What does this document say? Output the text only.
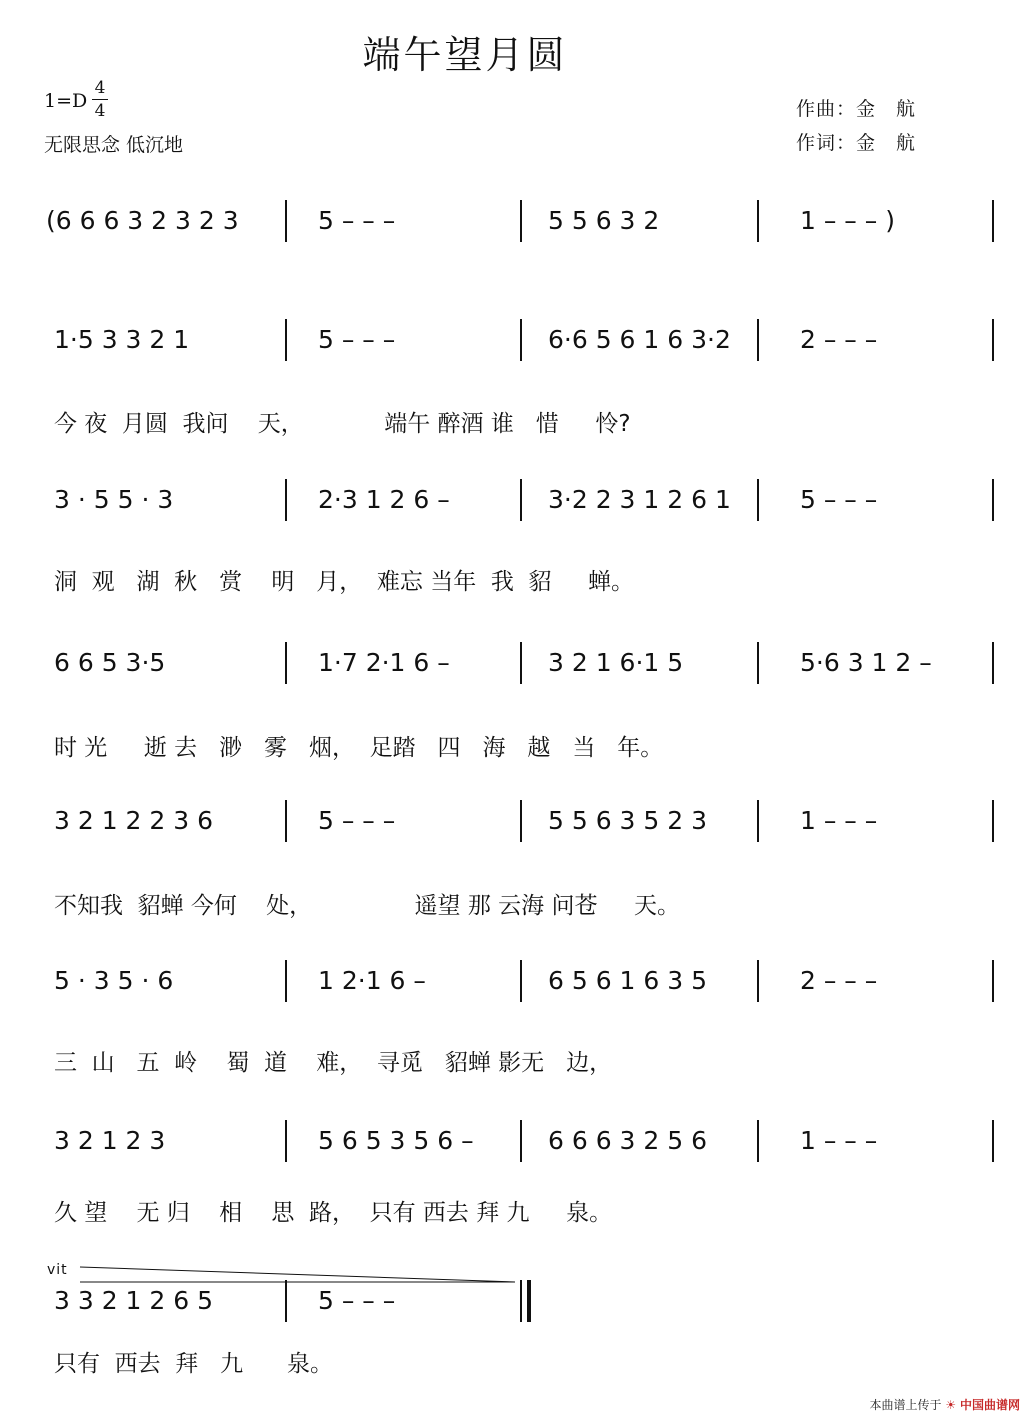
端午望月圆
1=D
4
4
无限思念 低沉地
作曲：金　航
作词：金　航
(6 6 6 3 2 3 2 3	5 – – –	5 5 6 3 2	1 – – – )
1·5 3 3 2 1	5 – – –	6·6 5 6 1 6 3·2	2 – – –
今 夜  月圆  我问    天，           端午 醉酒 谁   惜     怜?
3 · 5 5 · 3	2·3 1 2 6 –	3·2 2 3 1 2 6 1	5 – – –
洞  观   湖  秋   赏    明   月，  难忘 当年  我  貂     蝉。
6 6 5 3·5	1·7 2·1 6 –	3 2 1 6·1 5	5·6 3 1 2 –
时 光     逝 去   渺   雾   烟，  足踏   四   海   越   当   年。
3 2 1 2 2 3 6	5 – – –	5 5 6 3 5 2 3	1 – – –
不知我  貂蝉 今何    处，              遥望 那 云海 问苍     天。
5 · 3 5 · 6	1 2·1 6 –	6 5 6 1 6 3 5	2 – – –
三  山   五  岭    蜀  道    难，  寻觅   貂蝉 影无   边，
3 2 1 2 3	5 6 5 3 5 6 –	6 6 6 3 2 5 6	1 – – –
久 望    无 归    相    思  路，  只有 西去 拜 九     泉。
3 3 2 1 2 6 5	5 – – –
只有  西去  拜   九      泉。
vit
本曲谱上传于 ☀ 中国曲谱网
